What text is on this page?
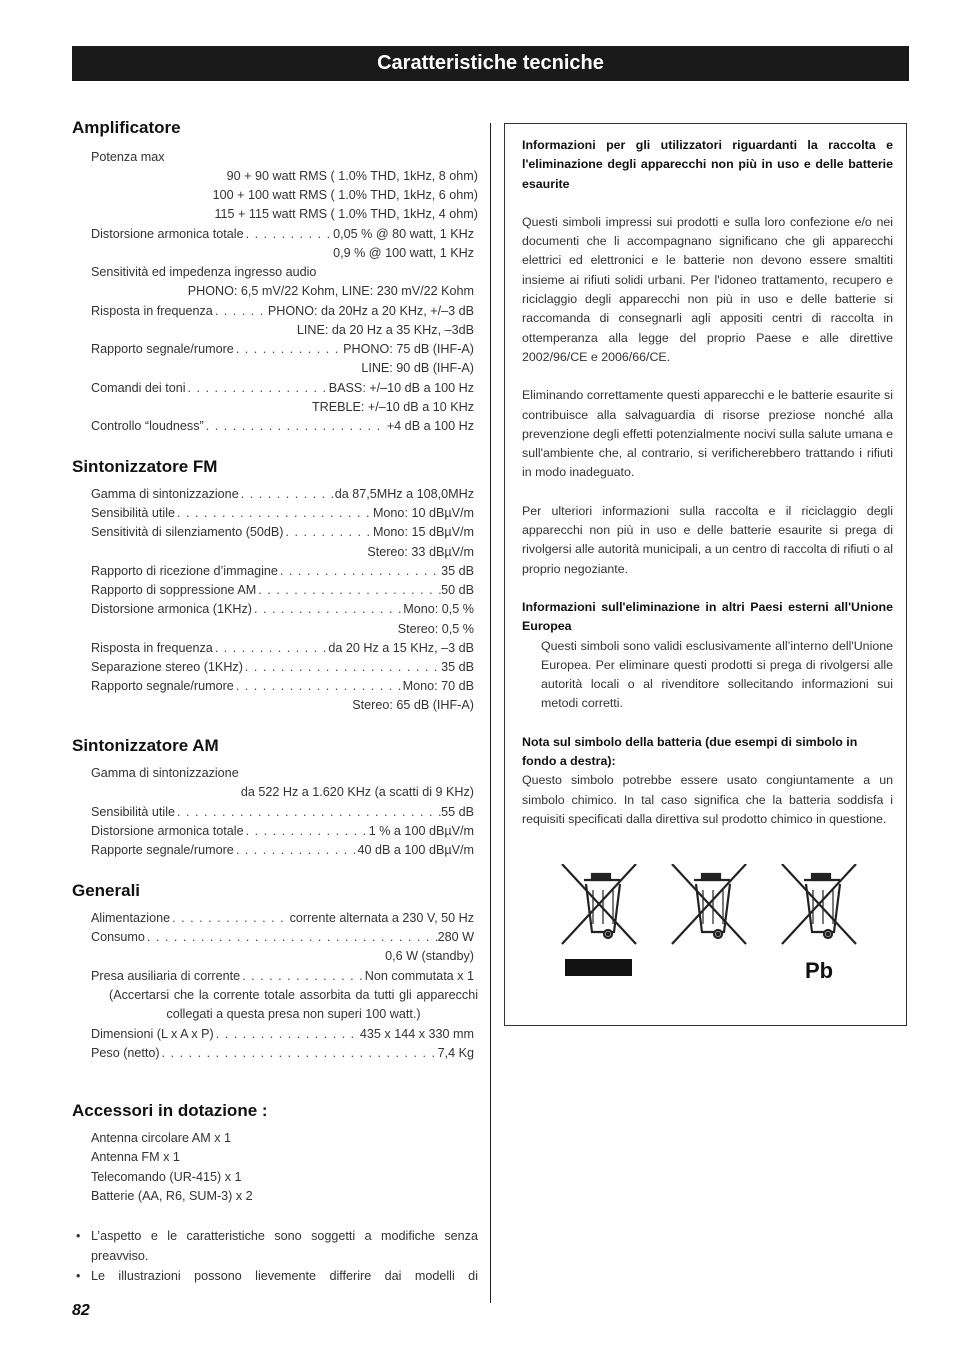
Caratteristiche tecniche
Amplificatore
Potenza max
90 + 90 watt RMS ( 1.0% THD, 1kHz, 8 ohm)
100 + 100 watt RMS ( 1.0% THD, 1kHz, 6 ohm)
115 + 115 watt RMS ( 1.0% THD, 1kHz, 4 ohm)
Distorsione armonica totale . . .	0,05 % @ 80 watt, 1 KHz
0,9 % @ 100 watt, 1 KHz
Sensitività ed impedenza ingresso audio
PHONO: 6,5 mV/22 Kohm, LINE: 230 mV/22 Kohm
Risposta in frequenza . . .	PHONO: da 20Hz a 20 KHz, +/–3 dB
LINE: da 20 Hz a 35 KHz, –3dB
Rapporto segnale/rumore . . .	PHONO: 75 dB (IHF-A)
LINE: 90 dB (IHF-A)
Comandi dei toni . . .	BASS: +/–10 dB a 100 Hz
TREBLE: +/–10 dB a 10 KHz
Controllo “loudness” . . .	+4 dB a 100 Hz
Sintonizzatore FM
Gamma di sintonizzazione . . .	da 87,5MHz a 108,0MHz
Sensibilità utile . . .	Mono: 10 dBµV/m
Sensitività di silenziamento (50dB) . . .	Mono: 15 dBµV/m
Stereo: 33 dBµV/m
Rapporto di ricezione d’immagine . . .	35 dB
Rapporto di soppressione AM . . .	50 dB
Distorsione armonica (1KHz) . . .	Mono: 0,5 %
Stereo: 0,5 %
Risposta in frequenza . . .	da 20 Hz a 15 KHz, –3 dB
Separazione stereo (1KHz) . . .	35 dB
Rapporto segnale/rumore . . .	Mono: 70 dB
Stereo: 65 dB (IHF-A)
Sintonizzatore AM
Gamma di sintonizzazione
da 522 Hz a 1.620 KHz (a scatti di 9 KHz)
Sensibilità utile . . .	55 dB
Distorsione armonica totale . . .	1 % a 100 dBµV/m
Rapporte segnale/rumore . . .	40 dB a 100 dBµV/m
Generali
Alimentazione . . .	corrente alternata a 230 V, 50 Hz
Consumo . . .	280 W
0,6 W (standby)
Presa ausiliaria di corrente . . .	Non commutata x 1
(Accertarsi che la corrente totale assorbita da tutti gli apparecchi collegati a questa presa non superi 100 watt.)
Dimensioni (L x A x P) . . .	435 x 144 x 330 mm
Peso (netto) . . .	7,4 Kg
Accessori in dotazione :
Antenna circolare AM x 1
Antenna FM x 1
Telecomando (UR-415) x 1
Batterie (AA, R6, SUM-3) x 2
• L’aspetto e le caratteristiche sono soggetti a modifiche senza preavviso.
• Le illustrazioni possono lievemente differire dai modelli di
Informazioni per gli utilizzatori riguardanti la raccolta e l'eliminazione degli apparecchi non più in uso e delle batterie esaurite
Questi simboli impressi sui prodotti e sulla loro confezione e/o nei documenti che li accompagnano significano che gli apparecchi elettrici ed elettronici e le batterie non devono essere smaltiti insieme ai rifiuti solidi urbani. Per l'idoneo trattamento, recupero e riciclaggio degli apparecchi non più in uso e delle batterie si raccomanda di consegnarli agli appositi centri di raccolta in ottemperanza alla legge del proprio Paese e alle direttive 2002/96/CE e 2006/66/CE.
Eliminando correttamente questi apparecchi e le batterie esaurite si contribuisce alla salvaguardia di risorse preziose nonché alla prevenzione degli effetti potenzialmente nocivi sulla salute umana e sull'ambiente che, al contrario, si verificherebbero trattando i rifiuti in modo inadeguato.
Per ulteriori informazioni sulla raccolta e il riciclaggio degli apparecchi non più in uso e delle batterie esaurite si prega di rivolgersi alle autorità municipali, a un centro di raccolta di rifiuti o al proprio negoziante.
Informazioni sull'eliminazione in altri Paesi esterni all'Unione Europea
Questi simboli sono validi esclusivamente all’interno dell'Unione Europea. Per eliminare questi prodotti si prega di rivolgersi alle autorità locali o al rivenditore sollecitando informazioni sui metodi corretti.
Nota sul simbolo della batteria (due esempi di simbolo in fondo a destra):
Questo simbolo potrebbe essere usato congiuntamente a un simbolo chimico. In tal caso significa che la batteria soddisfa i requisiti specificati dalla direttiva sul prodotto chimico in questione.
Pb
82
